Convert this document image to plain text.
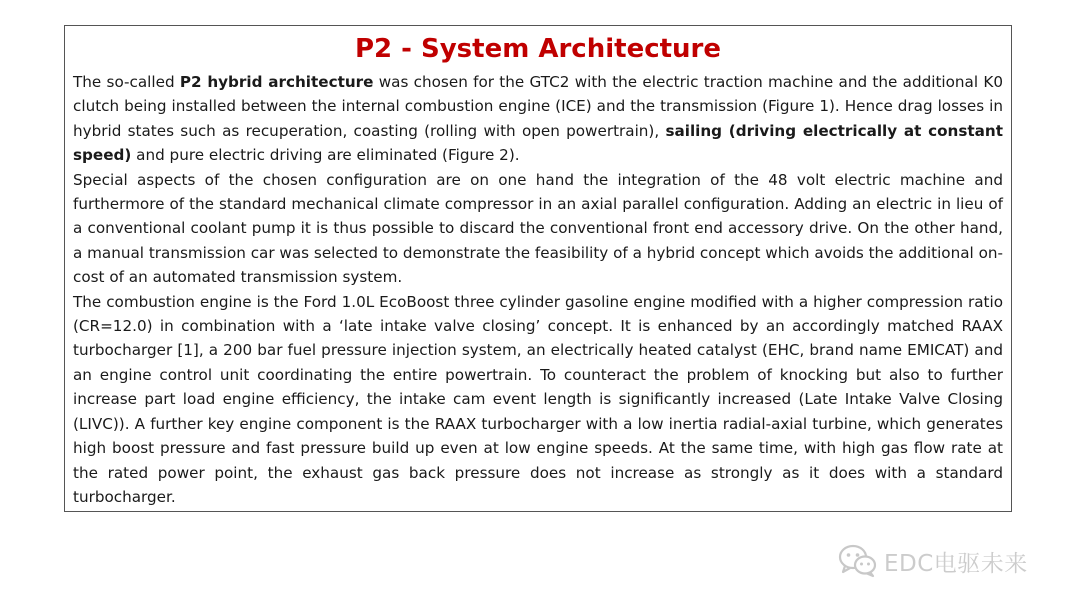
P2 - System Architecture

The so-called P2 hybrid architecture was chosen for the GTC2 with the electric traction machine and the additional K0 clutch being installed between the internal combustion engine (ICE) and the transmission (Figure 1). Hence drag losses in hybrid states such as recuperation, coasting (rolling with open powertrain), sailing (driving electrically at constant speed) and pure electric driving are eliminated (Figure 2).

Special aspects of the chosen configuration are on one hand the integration of the 48 volt electric machine and furthermore of the standard mechanical climate compressor in an axial parallel configuration. Adding an electric in lieu of a conventional coolant pump it is thus possible to discard the conventional front end accessory drive. On the other hand, a manual transmission car was selected to demonstrate the feasibility of a hybrid concept which avoids the additional on-cost of an automated transmission system.

The combustion engine is the Ford 1.0L EcoBoost three cylinder gasoline engine modified with a higher compression ratio (CR=12.0) in combination with a ‘late intake valve closing’ concept. It is enhanced by an accordingly matched RAAX turbocharger [1], a 200 bar fuel pressure injection system, an electrically heated catalyst (EHC, brand name EMICAT) and an engine control unit coordinating the entire powertrain. To counteract the problem of knocking but also to further increase part load engine efficiency, the intake cam event length is significantly increased (Late Intake Valve Closing (LIVC)). A further key engine component is the RAAX turbocharger with a low inertia radial-axial turbine, which generates high boost pressure and fast pressure build up even at low engine speeds. At the same time, with high gas flow rate at the rated power point, the exhaust gas back pressure does not increase as strongly as it does with a standard turbocharger.

EDC电驱未来
